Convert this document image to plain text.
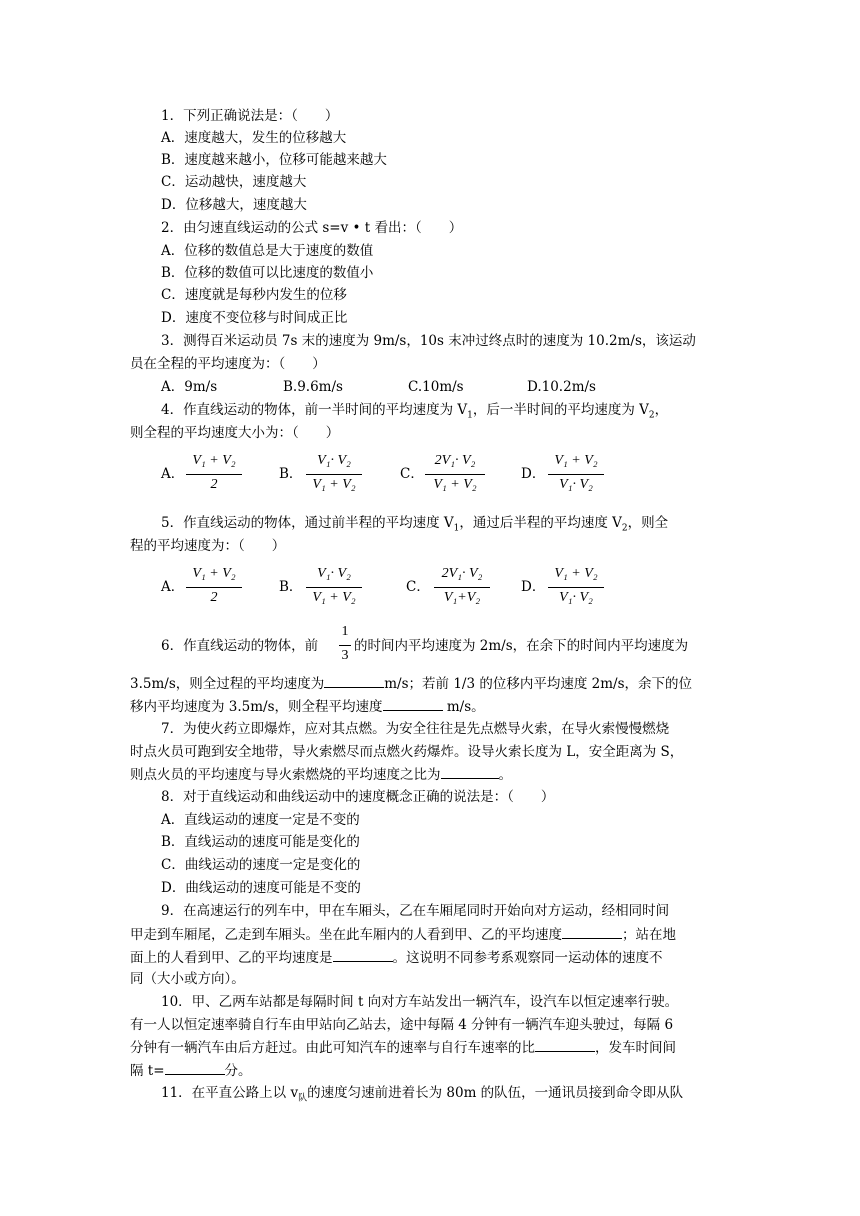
1．下列正确说法是：（　　）
A．速度越大，发生的位移越大
B．速度越来越小，位移可能越来越大
C．运动越快，速度越大
D．位移越大，速度越大
2．由匀速直线运动的公式 s=v • t 看出：（　　）
A．位移的数值总是大于速度的数值
B．位移的数值可以比速度的数值小
C．速度就是每秒内发生的位移
D．速度不变位移与时间成正比
3．测得百米运动员 7s 末的速度为 9m/s，10s 末冲过终点时的速度为 10.2m/s，该运动
员在全程的平均速度为：（　　）
A．9m/s	B.9.6m/s	C.10m/s	D.10.2m/s
4．作直线运动的物体，前一半时间的平均速度为 $V_1$，后一半时间的平均速度为 $V_2$，
则全程的平均速度大小为：（　　）
A．
V₁ + V₂
2
B．
V₁· V₂
V₁ + V₂
C．
2V₁· V₂
V₁ + V₂
D．
V₁ + V₂
V₁· V₂
5．作直线运动的物体，通过前半程的平均速度 $V_1$，通过后半程的平均速度 $V_2$，则全
程的平均速度为：（　　）
A．
V₁ + V₂
2
B．
V₁· V₂
V₁ + V₂
C．
2V₁· V₂
V₁+V₂
D．
V₁ + V₂
V₁· V₂
6．作直线运动的物体，前
1
3
的时间内平均速度为 2m/s，在余下的时间内平均速度为
3.5m/s，则全过程的平均速度为	m/s；若前 1/3 的位移内平均速度 2m/s，余下的位
移内平均速度为 3.5m/s，则全程平均速度	m/s。
7．为使火药立即爆炸，应对其点燃。为安全往往是先点燃导火索，在导火索慢慢燃烧
时点火员可跑到安全地带，导火索燃尽而点燃火药爆炸。设导火索长度为 L，安全距离为 S，
则点火员的平均速度与导火索燃烧的平均速度之比为	。
8．对于直线运动和曲线运动中的速度概念正确的说法是：（　　）
A．直线运动的速度一定是不变的
B．直线运动的速度可能是变化的
C．曲线运动的速度一定是变化的
D．曲线运动的速度可能是不变的
9．在高速运行的列车中，甲在车厢头，乙在车厢尾同时开始向对方运动，经相同时间
甲走到车厢尾，乙走到车厢头。坐在此车厢内的人看到甲、乙的平均速度	；站在地
面上的人看到甲、乙的平均速度是	。这说明不同参考系观察同一运动体的速度不
同（大小或方向）。
10．甲、乙两车站都是每隔时间 t 向对方车站发出一辆汽车，设汽车以恒定速率行驶。
有一人以恒定速率骑自行车由甲站向乙站去，途中每隔 4 分钟有一辆汽车迎头驶过，每隔 6
分钟有一辆汽车由后方赶过。由此可知汽车的速率与自行车速率的比	，发车时间间
隔 t=	分。
11．在平直公路上以 $v_队$的速度匀速前进着长为 80m 的队伍，一通讯员接到命令即从队
